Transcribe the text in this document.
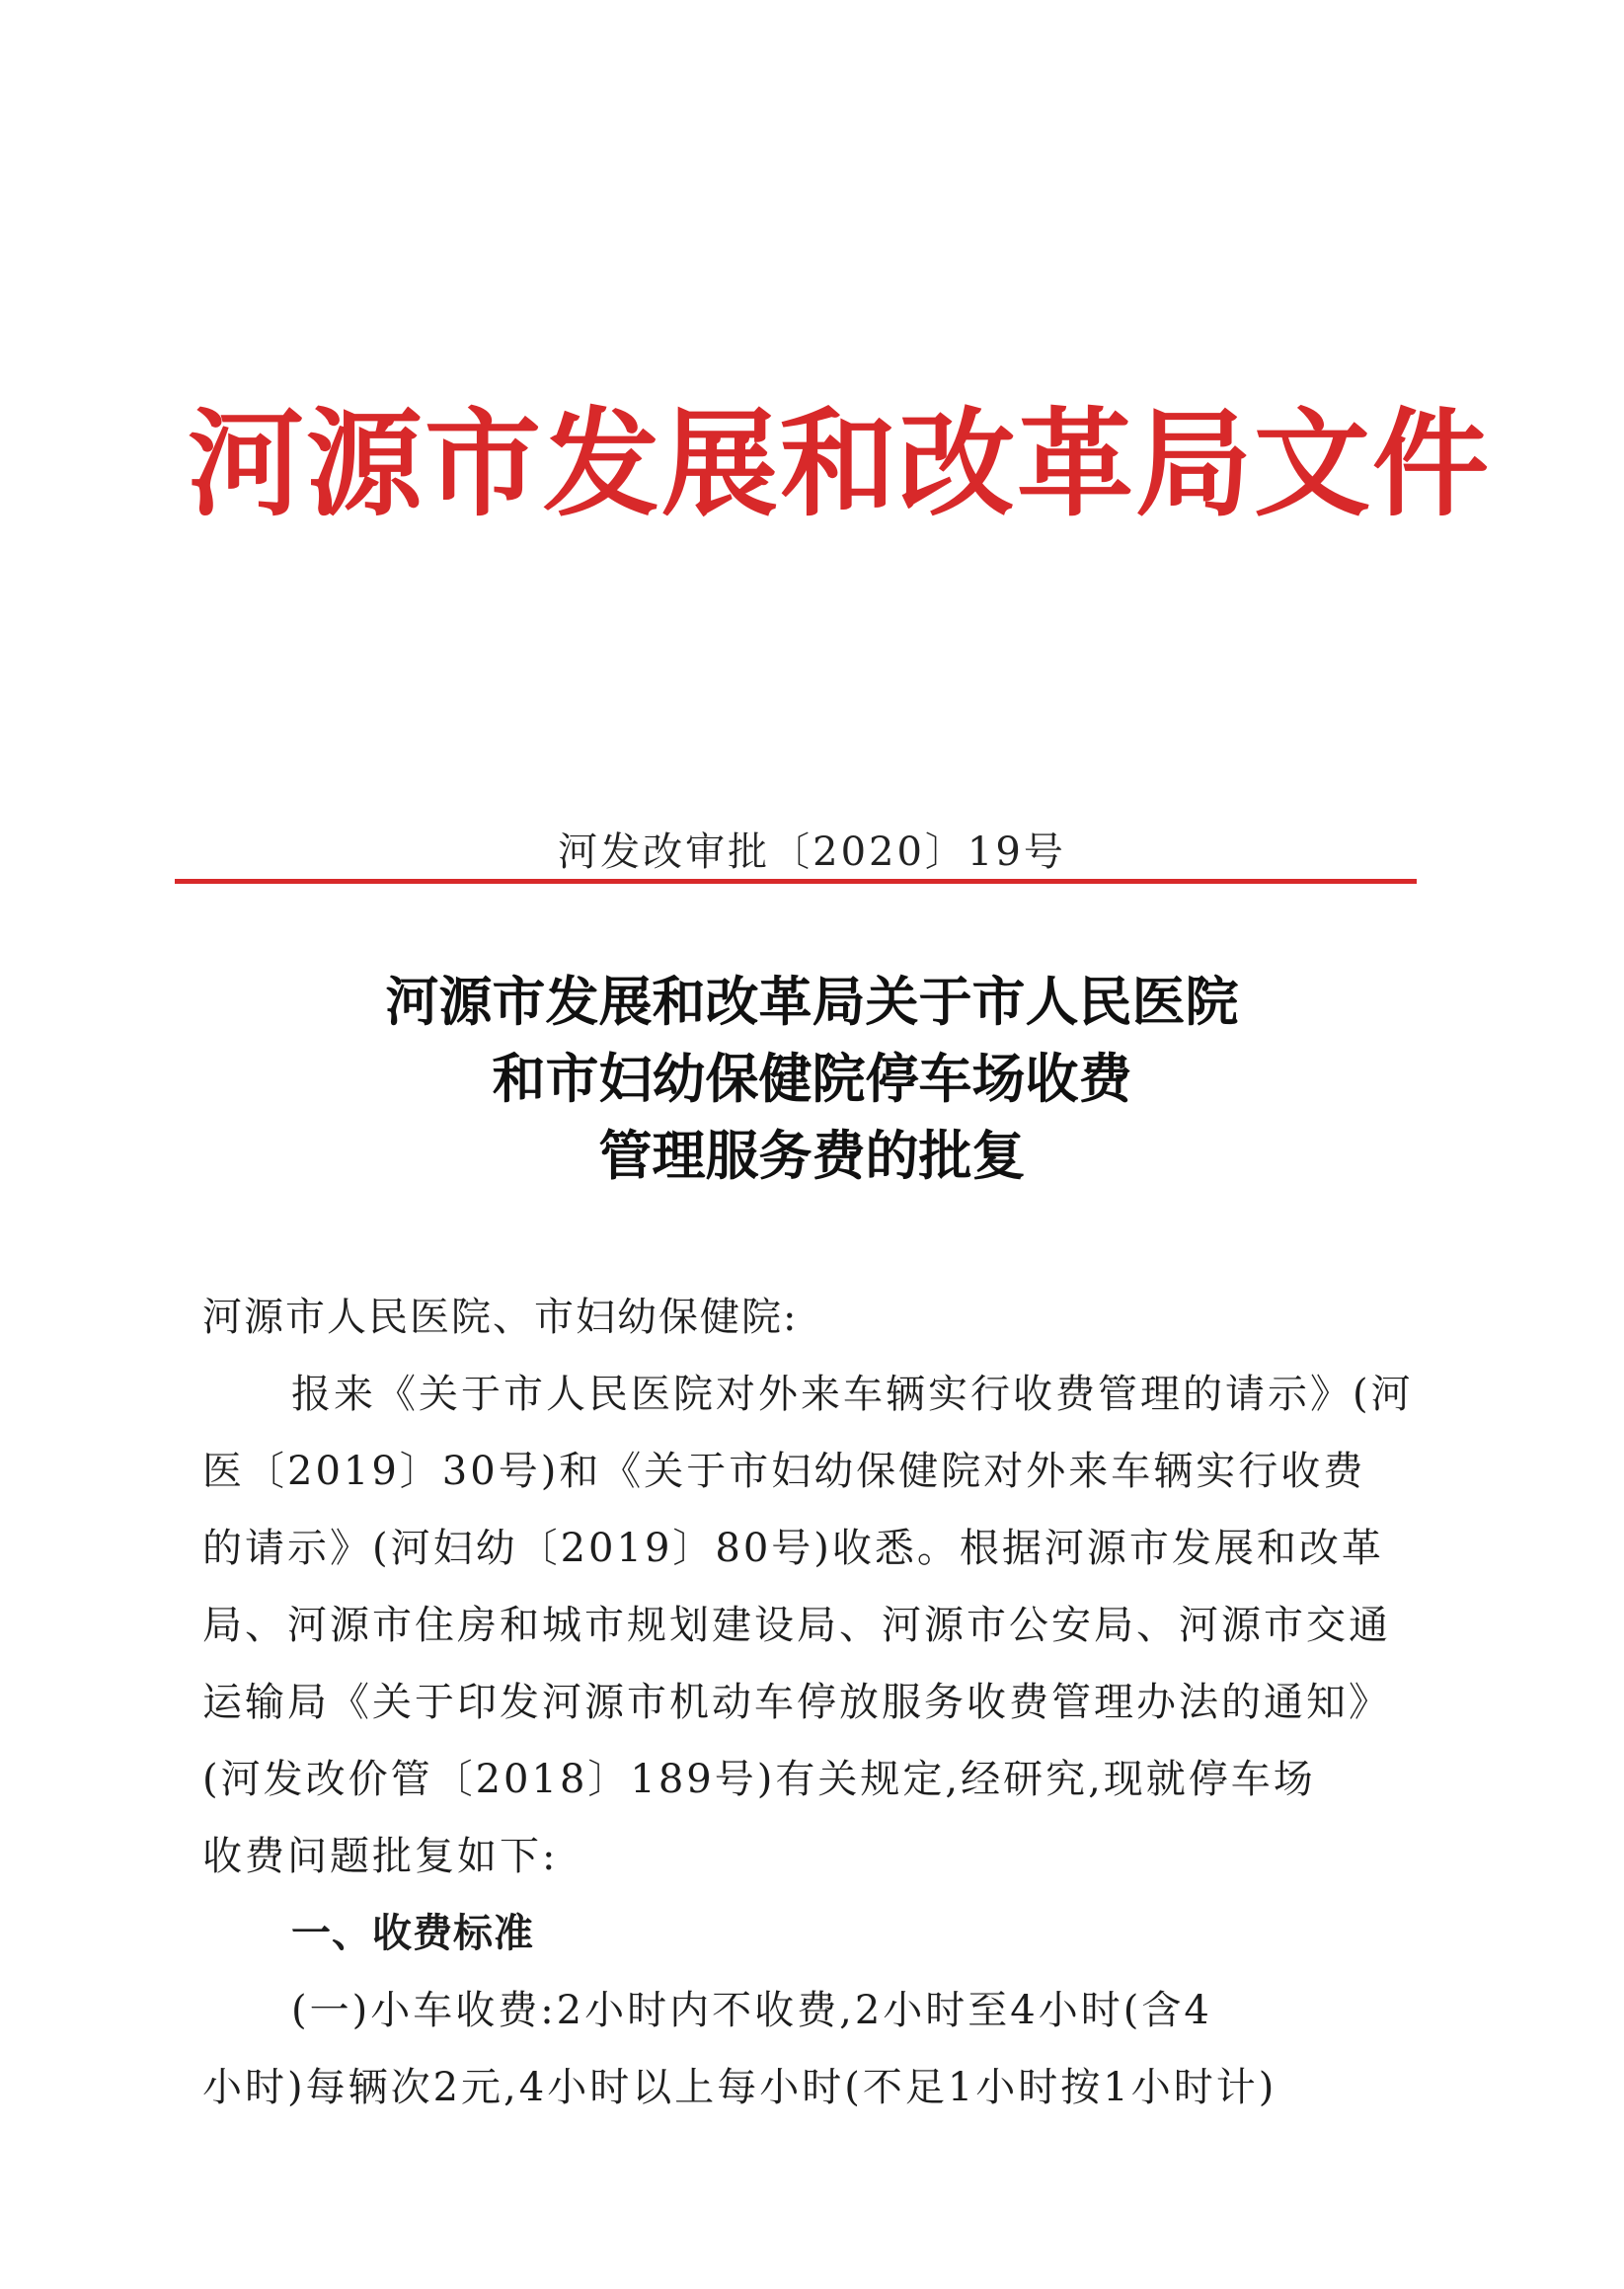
河源市发展和改革局文件
河发改审批〔2020〕19号
河源市发展和改革局关于市人民医院
和市妇幼保健院停车场收费
管理服务费的批复

河源市人民医院、市妇幼保健院:

报来《关于市人民医院对外来车辆实行收费管理的请示》(河

医〔2019〕30号)和《关于市妇幼保健院对外来车辆实行收费

的请示》(河妇幼〔2019〕80号)收悉。根据河源市发展和改革

局、河源市住房和城市规划建设局、河源市公安局、河源市交通

运输局《关于印发河源市机动车停放服务收费管理办法的通知》

(河发改价管〔2018〕189号)有关规定,经研究,现就停车场

收费问题批复如下:

一、收费标准

(一)小车收费:2小时内不收费,2小时至4小时(含4

小时)每辆次2元,4小时以上每小时(不足1小时按1小时计)
